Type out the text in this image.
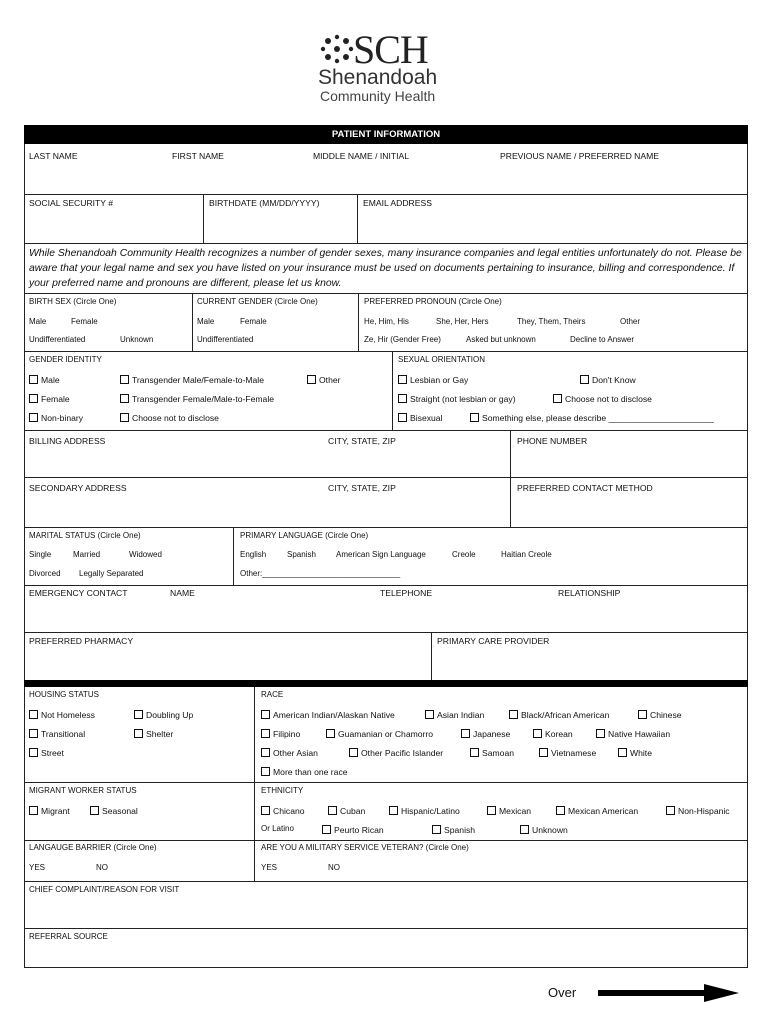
SCH
Shenandoah
Community Health
PATIENT INFORMATION
LAST NAME	FIRST NAME	MIDDLE NAME / INITIAL	PREVIOUS NAME / PREFERRED NAME
SOCIAL SECURITY #	BIRTHDATE (MM/DD/YYYY)	EMAIL ADDRESS
While Shenandoah Community Health recognizes a number of gender sexes, many insurance companies and legal entities unfortunately do not. Please be aware that your legal name and sex you have listed on your insurance must be used on documents pertaining to insurance, billing and correspondence. If your preferred name and pronouns are different, please let us know.
BIRTH SEX (Circle One)
Male	Female
Undifferentiated	Unknown
CURRENT GENDER (Circle One)
Male	Female
Undifferentiated
PREFERRED PRONOUN (Circle One)
He, Him, His	She, Her, Hers	They, Them, Theirs	Other
Ze, Hir (Gender Free)	Asked but unknown	Decline to Answer
GENDER IDENTITY
Male	Transgender Male/Female-to-Male	Other
Female	Transgender Female/Male-to-Female
Non-binary	Choose not to disclose
SEXUAL ORIENTATION
Lesbian or Gay	Don't Know
Straight (not lesbian or gay)	Choose not to disclose
Bisexual	Something else, please describe ______________________
BILLING ADDRESS	CITY, STATE, ZIP	PHONE NUMBER
SECONDARY ADDRESS	CITY, STATE, ZIP	PREFERRED CONTACT METHOD
MARITAL STATUS (Circle One)
Single	Married	Widowed
Divorced Legally Separated
PRIMARY LANGUAGE (Circle One)
English	Spanish	American Sign Language	Creole	Haitian Creole
Other:_______________________________
EMERGENCY CONTACT	NAME	TELEPHONE	RELATIONSHIP
PREFERRED PHARMACY	PRIMARY CARE PROVIDER
HOUSING STATUS
Not Homeless	Doubling Up
Transitional	Shelter
Street
RACE
American Indian/Alaskan Native	Asian Indian	Black/African American	Chinese
Filipino	Guamanian or Chamorro	Japanese	Korean	Native Hawaiian
Other Asian	Other Pacific Islander	Samoan	Vietnamese	White
More than one race
MIGRANT WORKER STATUS
Migrant	Seasonal
ETHNICITY
Chicano	Cuban	Hispanic/Latino	Mexican	Mexican American	Non-Hispanic
Or Latino	Peurto Rican	Spanish	Unknown
LANGAUGE BARRIER (Circle One)
YES	NO
ARE YOU A MILITARY SERVICE VETERAN? (Circle One)
YES	NO
CHIEF COMPLAINT/REASON FOR VISIT
REFERRAL SOURCE
Over
